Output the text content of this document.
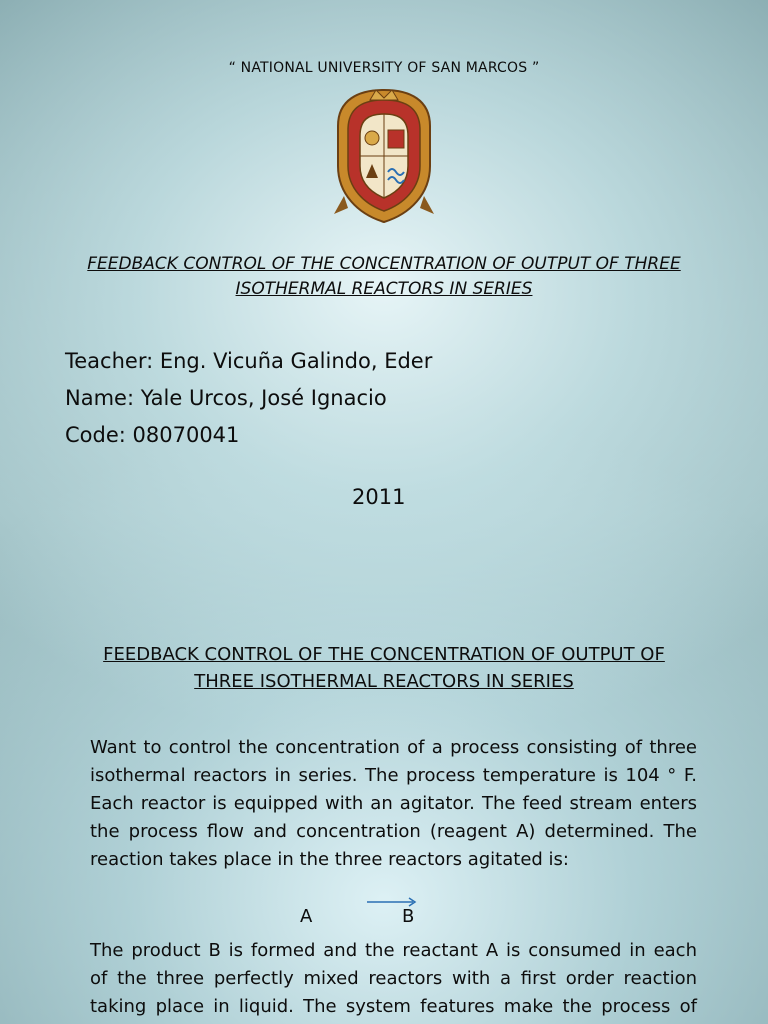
“ NATIONAL UNIVERSITY OF SAN MARCOS ”
FEEDBACK CONTROL OF THE CONCENTRATION OF OUTPUT OF THREE
ISOTHERMAL REACTORS IN SERIES
Teacher: Eng. Vicuña Galindo, Eder
Name: Yale Urcos, José Ignacio
Code: 08070041
2011
FEEDBACK CONTROL OF THE CONCENTRATION OF OUTPUT OF
THREE ISOTHERMAL REACTORS IN SERIES
Want to control the concentration of a process consisting of three isothermal reactors in series. The process temperature is 104 ° F. Each reactor is equipped with an agitator. The feed stream enters the process flow and concentration (reagent A) determined. The reaction takes place in the three reactors agitated is:
A	B
The product B is formed and the reactant A is consumed in each
of the three perfectly mixed reactors with a first order reaction
taking place in liquid. The system features make the process of
